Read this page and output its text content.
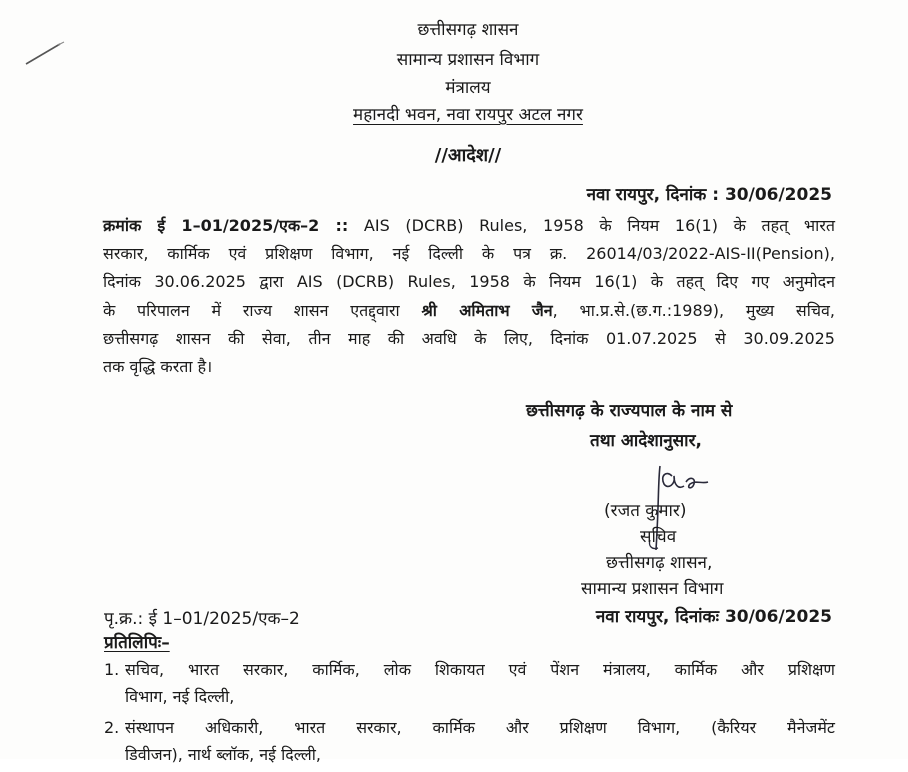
छत्तीसगढ़ शासन
सामान्य प्रशासन विभाग
मंत्रालय
महानदी भवन, नवा रायपुर अटल नगर
//आदेश//
नवा रायपुर, दिनांक : 30/06/2025
क्रमांक ई 1–01/2025/एक–2 :: AIS (DCRB) Rules, 1958 के नियम 16(1) के तहत् भारत
सरकार, कार्मिक एवं प्रशिक्षण विभाग, नई दिल्ली के पत्र क्र. 26014/03/2022-AIS-II(Pension),
दिनांक 30.06.2025 द्वारा AIS (DCRB) Rules, 1958 के नियम 16(1) के तहत् दिए गए अनुमोदन
के परिपालन में राज्य शासन एतद्द्वारा श्री अमिताभ जैन, भा.प्र.से.(छ.ग.:1989), मुख्य सचिव,
छत्तीसगढ़ शासन की सेवा, तीन माह की अवधि के लिए, दिनांक 01.07.2025 से 30.09.2025
तक वृद्धि करता है।
छत्तीसगढ़ के राज्यपाल के नाम से
तथा आदेशानुसार,
(रजत कुमार)
सचिव
छत्तीसगढ़ शासन,
सामान्य प्रशासन विभाग
पृ.क्र.: ई 1–01/2025/एक–2	नवा रायपुर, दिनांकः 30/06/2025
प्रतिलिपिः–
1. सचिव, भारत सरकार, कार्मिक, लोक शिकायत एवं पेंशन मंत्रालय, कार्मिक और प्रशिक्षण
विभाग, नई दिल्ली,
2. संस्थापन अधिकारी, भारत सरकार, कार्मिक और प्रशिक्षण विभाग, (कैरियर मैनेजमेंट
डिवीजन), नार्थ ब्लॉक, नई दिल्ली,
